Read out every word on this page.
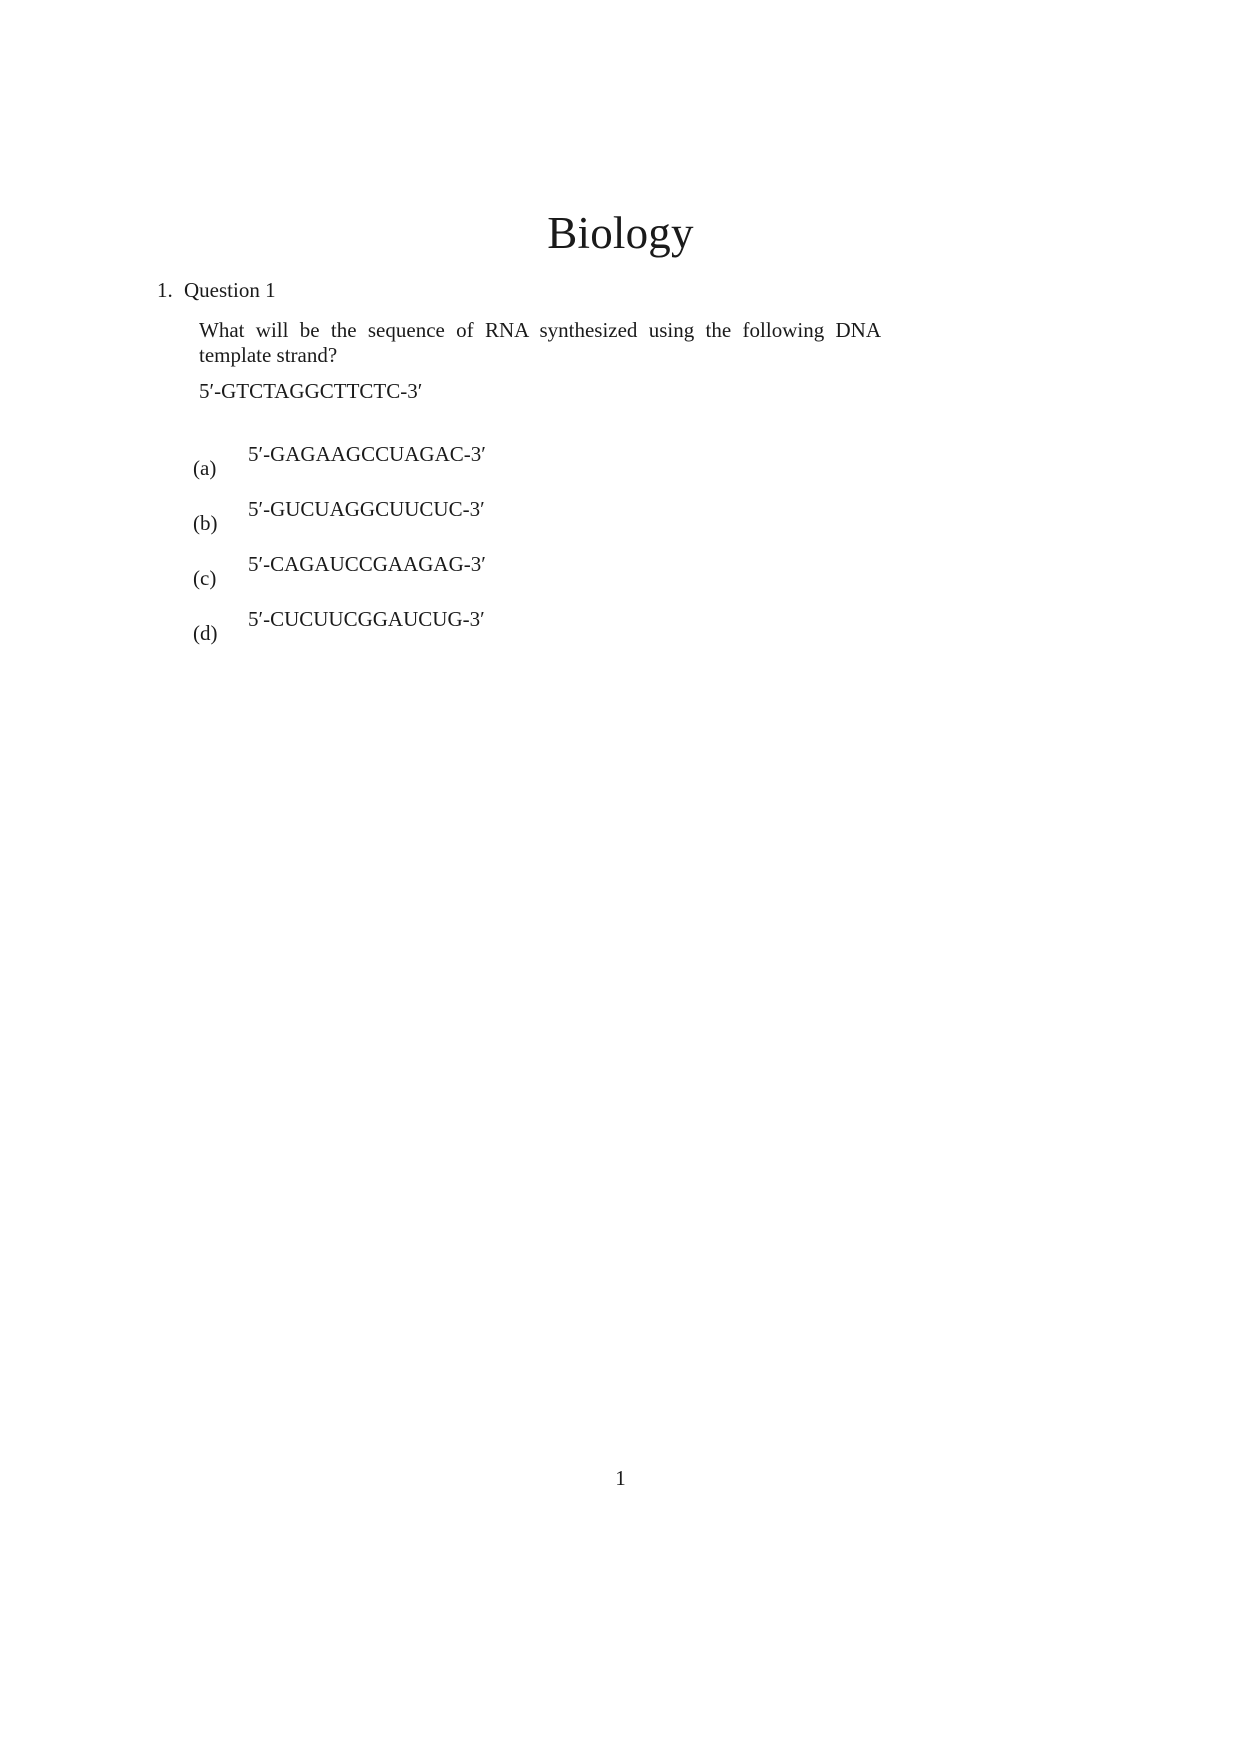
Biology
1. Question 1

What will be the sequence of RNA synthesized using the following DNA

template strand?

5′-GTCTAGGCTTCTC-3′
(a)
5′-GAGAAGCCUAGAC-3′
(b)
5′-GUCUAGGCUUCUC-3′
(c)
5′-CAGAUCCGAAGAG-3′
(d)
5′-CUCUUCGGAUCUG-3′
1
